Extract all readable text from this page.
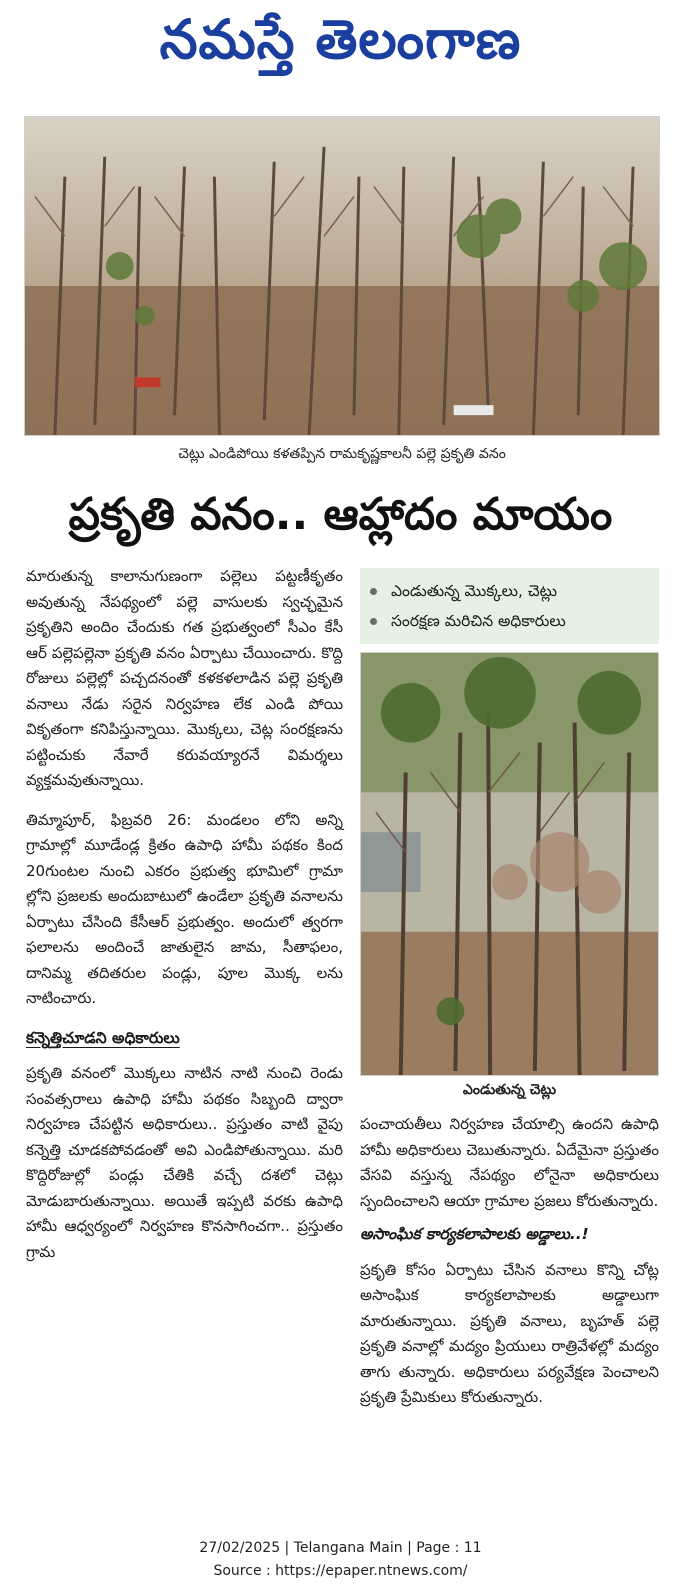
నమస్తే తెలంగాణ
చెట్లు ఎండిపోయి కళతప్పిన రామకృష్ణకాలనీ పల్లె ప్రకృతి వనం
ప్రకృతి వనం.. ఆహ్లాదం మాయం

మారుతున్న కాలానుగుణంగా పల్లెలు పట్టణీకృతం అవుతున్న నేపథ్యంలో పల్లె వాసులకు స్వచ్ఛమైన ప్రకృతిని అందిం చేందుకు గత ప్రభుత్వంలో సీఎం కేసీ ఆర్ పల్లెపల్లెనా ప్రకృతి వనం ఏర్పాటు చేయించారు. కొద్ది రోజులు పల్లెల్లో పచ్చదనంతో కళకళలాడిన పల్లె ప్రకృతి వనాలు నేడు సరైన నిర్వహణ లేక ఎండి పోయి వికృతంగా కనిపిస్తున్నాయి. మొక్కలు, చెట్ల సంరక్షణను పట్టించుకు నేవారే కరువయ్యారనే విమర్శలు వ్యక్తమవుతున్నాయి.

తిమ్మాపూర్, ఫిబ్రవరి 26: మండలం లోని అన్ని గ్రామాల్లో మూడేండ్ల క్రితం ఉపాధి హామీ పథకం కింద 20గుంటల నుంచి ఎకరం ప్రభుత్వ భూమిలో గ్రామా ల్లోని ప్రజలకు అందుబాటులో ఉండేలా ప్రకృతి వనాలను ఏర్పాటు చేసింది కేసీఆర్ ప్రభుత్వం. అందులో త్వరగా ఫలాలను అందించే జాతులైన జామ, సీతాఫలం, దానిమ్మ తదితరుల పండ్లు, పూల మొక్క లను నాటించారు.

కన్నెత్తిచూడని అధికారులు

ప్రకృతి వనంలో మొక్కలు నాటిన నాటి నుంచి రెండు సంవత్సరాలు ఉపాధి హామీ పథకం సిబ్బంది ద్వారా నిర్వహణ చేపట్టిన అధికారులు.. ప్రస్తుతం వాటి వైపు కన్నెత్తి చూడకపోవడంతో అవి ఎండిపోతున్నాయి. మరి కొద్దిరోజుల్లో పండ్లు చేతికి వచ్చే దశలో చెట్లు మోడుబారుతున్నాయి. అయితే ఇప్పటి వరకు ఉపాధి హామీ ఆధ్వర్యంలో నిర్వహణ కొనసాగించగా.. ప్రస్తుతం గ్రామ

ఎండుతున్న మొక్కలు, చెట్లు
సంరక్షణ మరిచిన అధికారులు
ఎండుతున్న చెట్లు

పంచాయతీలు నిర్వహణ చేయాల్సి ఉందని ఉపాధి హామీ అధికారులు చెబుతున్నారు. ఏదేమైనా ప్రస్తుతం వేసవి వస్తున్న నేపథ్యం లోనైనా అధికారులు స్పందించాలని ఆయా గ్రామాల ప్రజలు కోరుతున్నారు.

అసాంఘిక కార్యకలాపాలకు అడ్డాలు..!

ప్రకృతి కోసం ఏర్పాటు చేసిన వనాలు కొన్ని చోట్ల అసాంఘిక కార్యకలాపాలకు అడ్డాలుగా మారుతున్నాయి. ప్రకృతి వనాలు, బృహత్ పల్లె ప్రకృతి వనాల్లో మద్యం ప్రియులు రాత్రివేళల్లో మద్యం తాగు తున్నారు. అధికారులు పర్యవేక్షణ పెంచాలని ప్రకృతి ప్రేమికులు కోరుతున్నారు.

27/02/2025 | Telangana Main | Page : 11
Source : https://epaper.ntnews.com/
